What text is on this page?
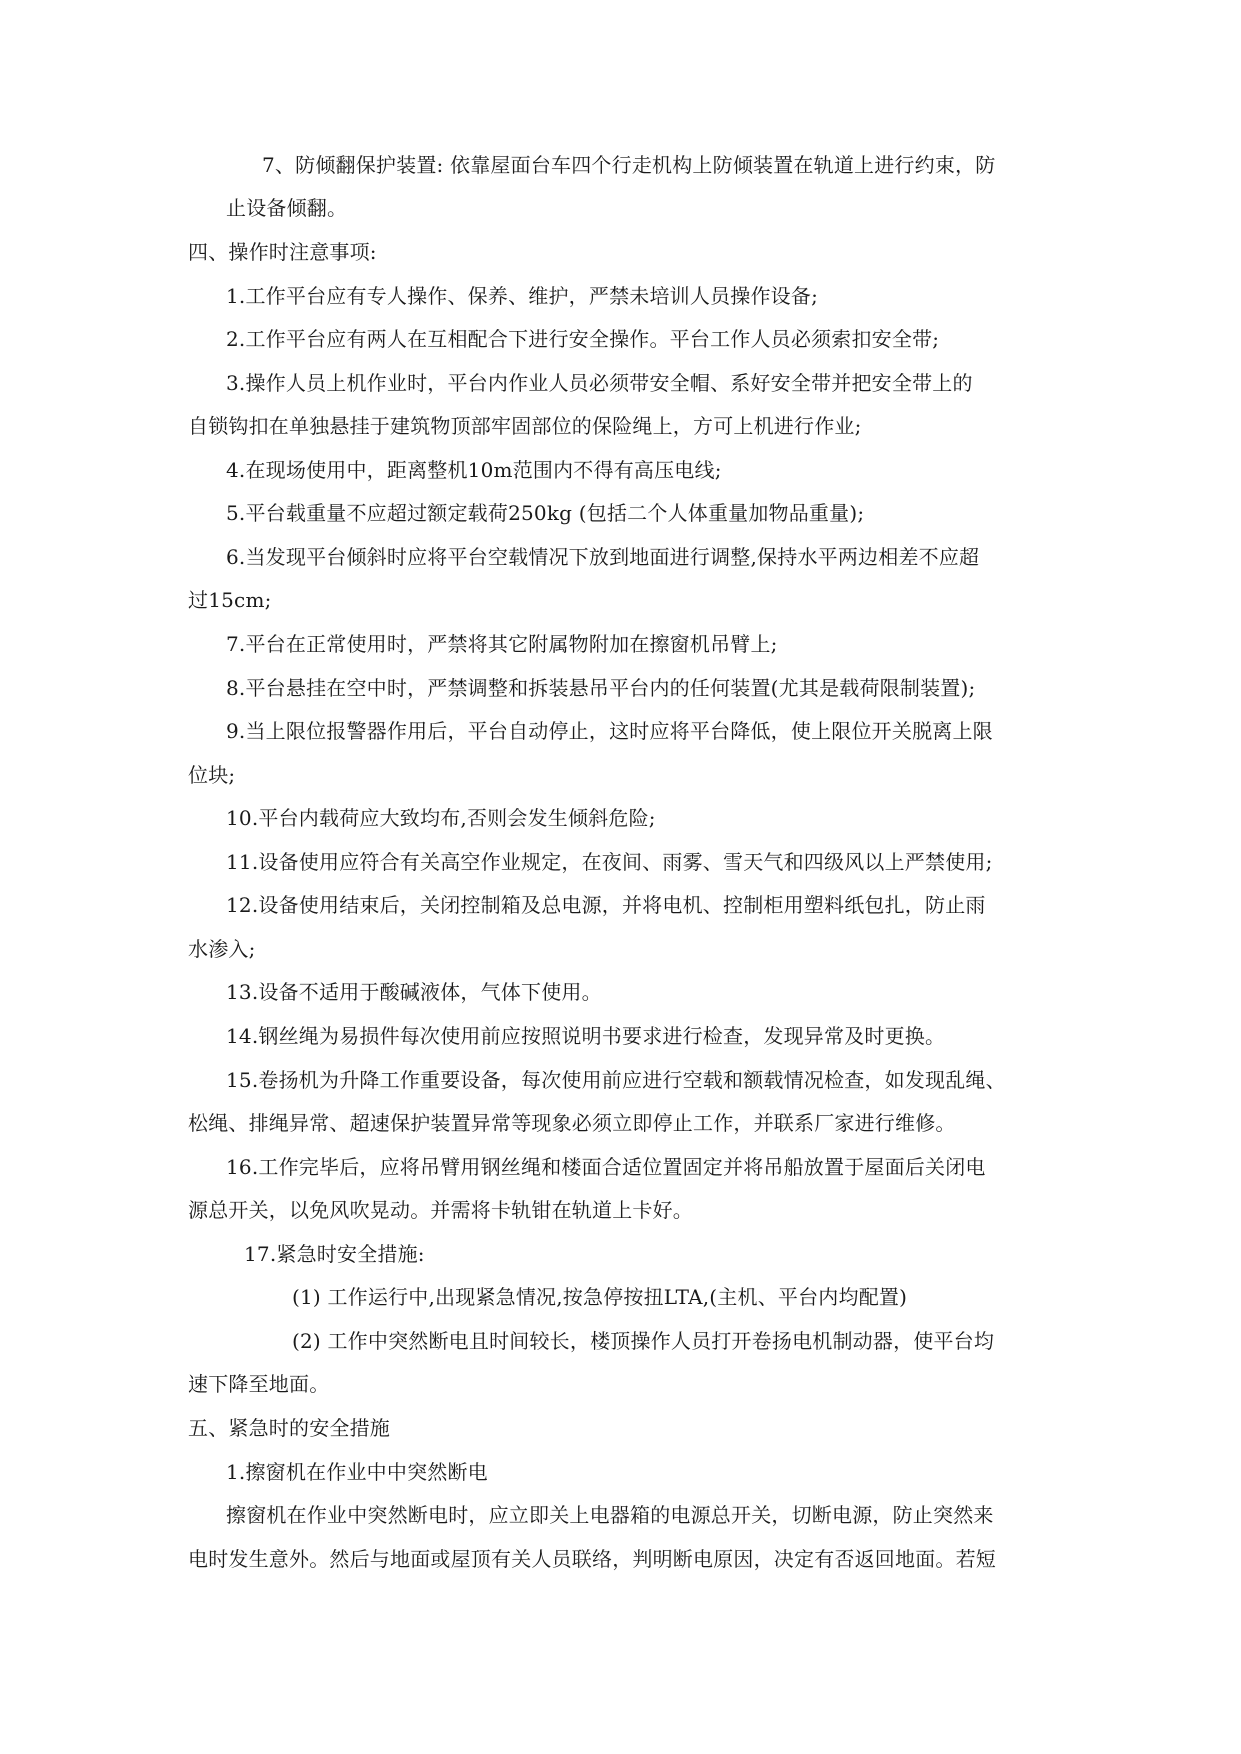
7、防倾翻保护装置: 依靠屋面台车四个行走机构上防倾装置在轨道上进行约束，防
止设备倾翻。
四、操作时注意事项:
1.工作平台应有专人操作、保养、维护，严禁未培训人员操作设备;
2.工作平台应有两人在互相配合下进行安全操作。平台工作人员必须索扣安全带;
3.操作人员上机作业时，平台内作业人员必须带安全帽、系好安全带并把安全带上的
自锁钩扣在单独悬挂于建筑物顶部牢固部位的保险绳上，方可上机进行作业;
4.在现场使用中，距离整机10m范围内不得有高压电线;
5.平台载重量不应超过额定载荷250kg (包括二个人体重量加物品重量);
6.当发现平台倾斜时应将平台空载情况下放到地面进行调整,保持水平两边相差不应超
过15cm;
7.平台在正常使用时，严禁将其它附属物附加在擦窗机吊臂上;
8.平台悬挂在空中时，严禁调整和拆装悬吊平台内的任何装置(尤其是载荷限制装置);
9.当上限位报警器作用后，平台自动停止，这时应将平台降低，使上限位开关脱离上限
位块;
10.平台内载荷应大致均布,否则会发生倾斜危险;
11.设备使用应符合有关高空作业规定，在夜间、雨雾、雪天气和四级风以上严禁使用;
12.设备使用结束后，关闭控制箱及总电源，并将电机、控制柜用塑料纸包扎，防止雨
水渗入;
13.设备不适用于酸碱液体，气体下使用。
14.钢丝绳为易损件每次使用前应按照说明书要求进行检查，发现异常及时更换。
15.卷扬机为升降工作重要设备，每次使用前应进行空载和额载情况检查，如发现乱绳、
松绳、排绳异常、超速保护装置异常等现象必须立即停止工作，并联系厂家进行维修。
16.工作完毕后，应将吊臂用钢丝绳和楼面合适位置固定并将吊船放置于屋面后关闭电
源总开关，以免风吹晃动。并需将卡轨钳在轨道上卡好。
17.紧急时安全措施:
(1) 工作运行中,出现紧急情况,按急停按扭LTA,(主机、平台内均配置)
(2) 工作中突然断电且时间较长，楼顶操作人员打开卷扬电机制动器，使平台均
速下降至地面。
五、紧急时的安全措施
1.擦窗机在作业中中突然断电
擦窗机在作业中突然断电时，应立即关上电器箱的电源总开关，切断电源，防止突然来
电时发生意外。然后与地面或屋顶有关人员联络，判明断电原因，决定有否返回地面。若短
